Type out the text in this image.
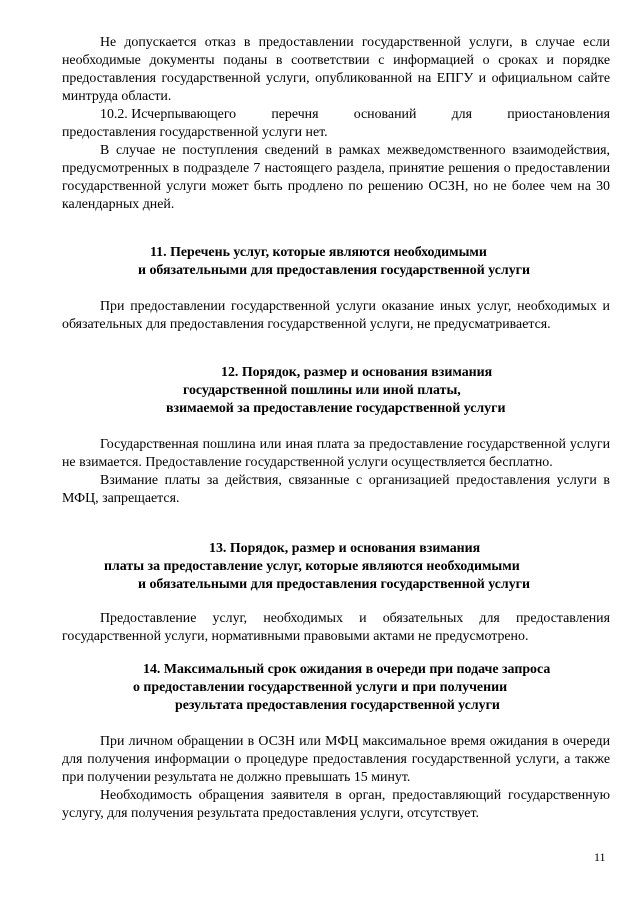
Не допускается отказ в предоставлении государственной услуги, в случае если необходимые документы поданы в соответствии с информацией о сроках и порядке предоставления государственной услуги, опубликованной на ЕПГУ и официальном сайте минтруда области.

10.2. Исчерпывающего	перечня	оснований	для	приостановления

предоставления государственной услуги нет.

В случае не поступления сведений в рамках межведомственного взаимодействия, предусмотренных в подразделе 7 настоящего раздела, принятие решения о предоставлении государственной услуги может быть продлено по решению ОСЗН, но не более чем на 30 календарных дней.

11. Перечень услуг, которые являются необходимыми
и обязательными для предоставления государственной услуги

При предоставлении государственной услуги оказание иных услуг, необходимых и обязательных для предоставления государственной услуги, не предусматривается.

12. Порядок, размер и основания взимания
государственной пошлины или иной платы,
взимаемой за предоставление государственной услуги

Государственная пошлина или иная плата за предоставление государственной услуги не взимается. Предоставление государственной услуги осуществляется бесплатно.

Взимание платы за действия, связанные с организацией предоставления услуги в МФЦ, запрещается.

13. Порядок, размер и основания взимания
платы за предоставление услуг, которые являются необходимыми
и обязательными для предоставления государственной услуги

Предоставление услуг, необходимых и обязательных для предоставления государственной услуги, нормативными правовыми актами не предусмотрено.

14. Максимальный срок ожидания в очереди при подаче запроса
о предоставлении государственной услуги и при получении
результата предоставления государственной услуги

При личном обращении в ОСЗН или МФЦ максимальное время ожидания в очереди для получения информации о процедуре предоставления государственной услуги, а также при получении результата не должно превышать 15 минут.

Необходимость обращения заявителя в орган, предоставляющий государственную услугу, для получения результата предоставления услуги, отсутствует.

11
